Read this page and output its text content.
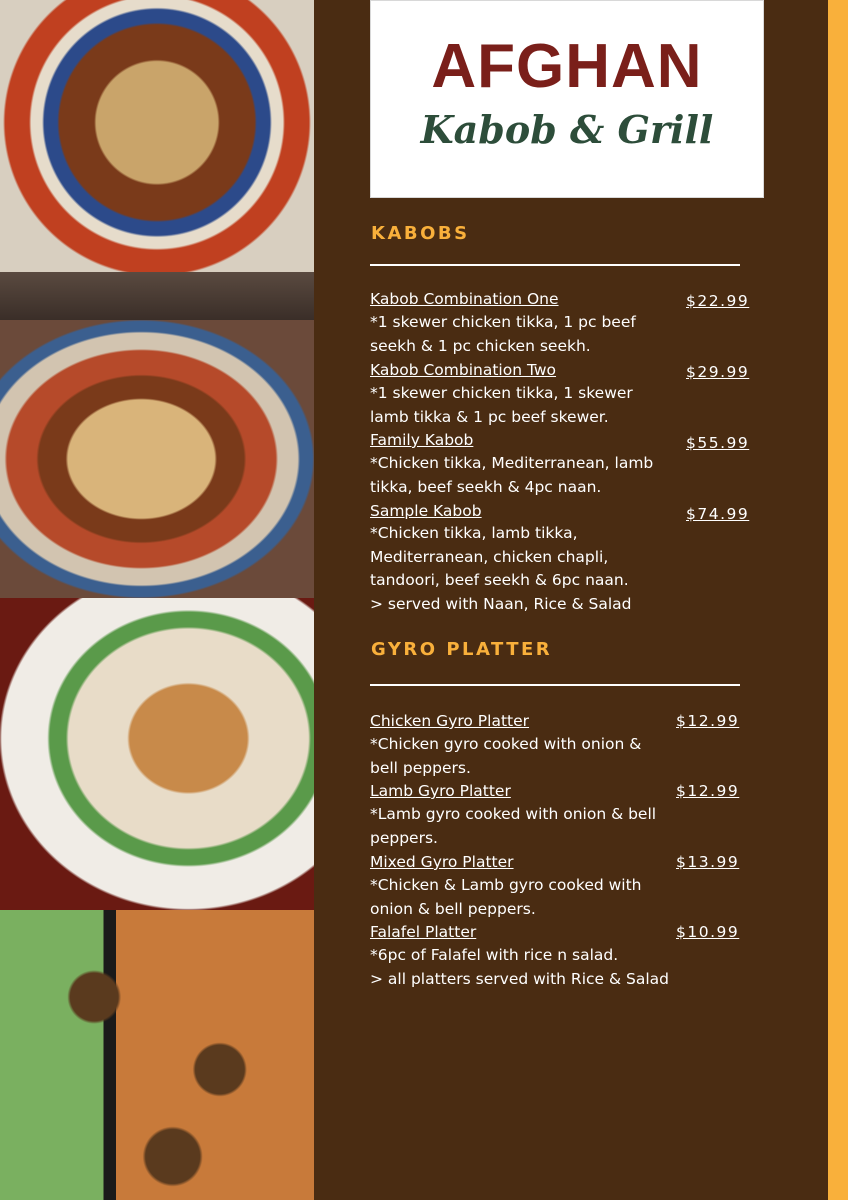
AFGHAN
Kabob & Grill
KABOBS
Kabob Combination One	$22.99
*1 skewer chicken tikka, 1 pc beef seekh & 1 pc chicken seekh.
Kabob Combination Two	$29.99
*1 skewer chicken tikka, 1 skewer lamb tikka & 1 pc beef skewer.
Family Kabob	$55.99
*Chicken tikka, Mediterranean, lamb tikka, beef seekh & 4pc naan.
Sample Kabob	$74.99
*Chicken tikka, lamb tikka, Mediterranean, chicken chapli, tandoori, beef seekh & 6pc naan.
> served with Naan, Rice & Salad
GYRO PLATTER
Chicken Gyro Platter	$12.99
*Chicken gyro cooked with onion & bell peppers.
Lamb Gyro Platter	$12.99
*Lamb gyro cooked with onion & bell peppers.
Mixed Gyro Platter	$13.99
*Chicken & Lamb gyro cooked with onion & bell peppers.
Falafel Platter	$10.99
*6pc of Falafel with rice n salad.
> all platters served with Rice & Salad
